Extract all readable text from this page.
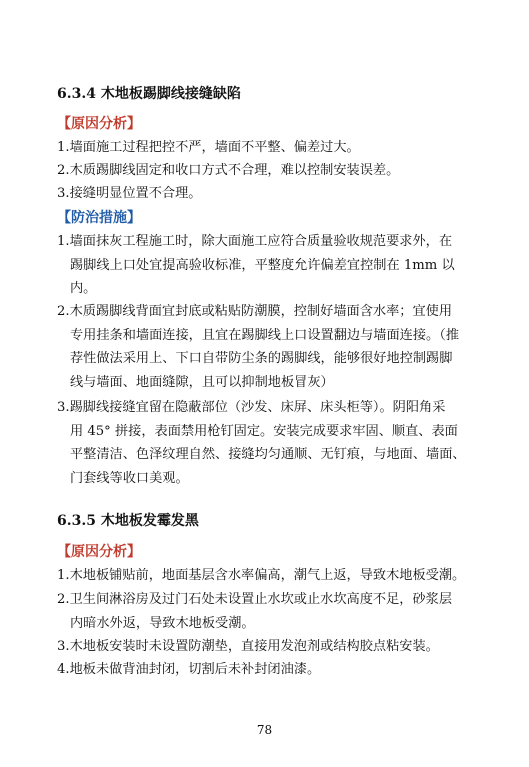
6.3.4 木地板踢脚线接缝缺陷
【原因分析】
1.墙面施工过程把控不严，墙面不平整、偏差过大。
2.木质踢脚线固定和收口方式不合理，难以控制安装误差。
3.接缝明显位置不合理。
【防治措施】
1.墙面抹灰工程施工时，除大面施工应符合质量验收规范要求外，在
踢脚线上口处宜提高验收标准，平整度允许偏差宜控制在 1mm 以
内。
2.木质踢脚线背面宜封底或粘贴防潮膜，控制好墙面含水率；宜使用
专用挂条和墙面连接，且宜在踢脚线上口设置翻边与墙面连接。（推
荐性做法采用上、下口自带防尘条的踢脚线，能够很好地控制踢脚
线与墙面、地面缝隙，且可以抑制地板冒灰）
3.踢脚线接缝宜留在隐蔽部位（沙发、床屏、床头柜等）。阴阳角采
用 45° 拼接，表面禁用枪钉固定。安装完成要求牢固、顺直、表面
平整清洁、色泽纹理自然、接缝均匀通顺、无钉痕，与地面、墙面、
门套线等收口美观。
6.3.5 木地板发霉发黑
【原因分析】
1.木地板铺贴前，地面基层含水率偏高，潮气上返，导致木地板受潮。
2.卫生间淋浴房及过门石处未设置止水坎或止水坎高度不足，砂浆层
内暗水外返，导致木地板受潮。
3.木地板安装时未设置防潮垫，直接用发泡剂或结构胶点粘安装。
4.地板未做背油封闭，切割后未补封闭油漆。
78
